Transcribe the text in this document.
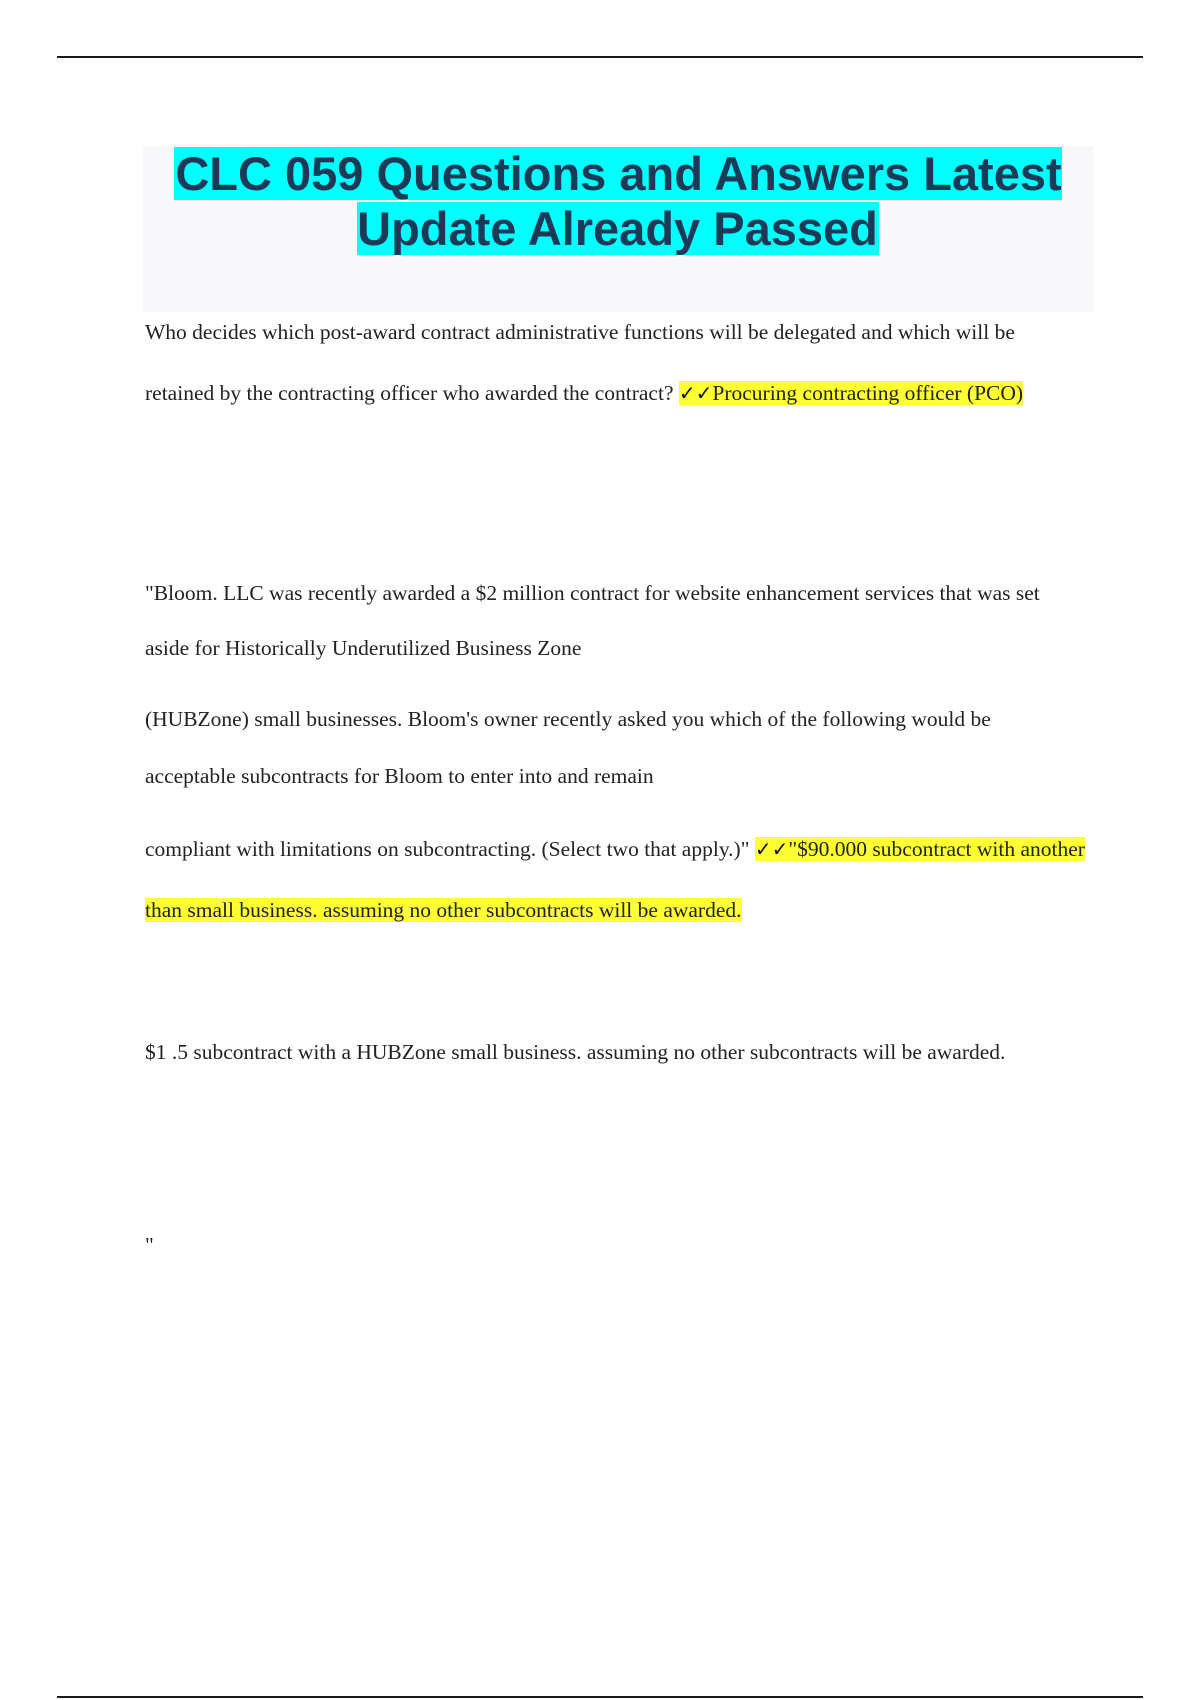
CLC 059 Questions and Answers Latest Update Already Passed

Who decides which post-award contract administrative functions will be delegated and which will be retained by the contracting officer who awarded the contract? ✓✓Procuring contracting officer (PCO)

"Bloom. LLC was recently awarded a $2 million contract for website enhancement services that was set aside for Historically Underutilized Business Zone

(HUBZone) small businesses. Bloom's owner recently asked you which of the following would be acceptable subcontracts for Bloom to enter into and remain

compliant with limitations on subcontracting. (Select two that apply.)" ✓✓"$90.000 subcontract with another than small business. assuming no other subcontracts will be awarded.

$1 .5 subcontract with a HUBZone small business. assuming no other subcontracts will be awarded.

"
